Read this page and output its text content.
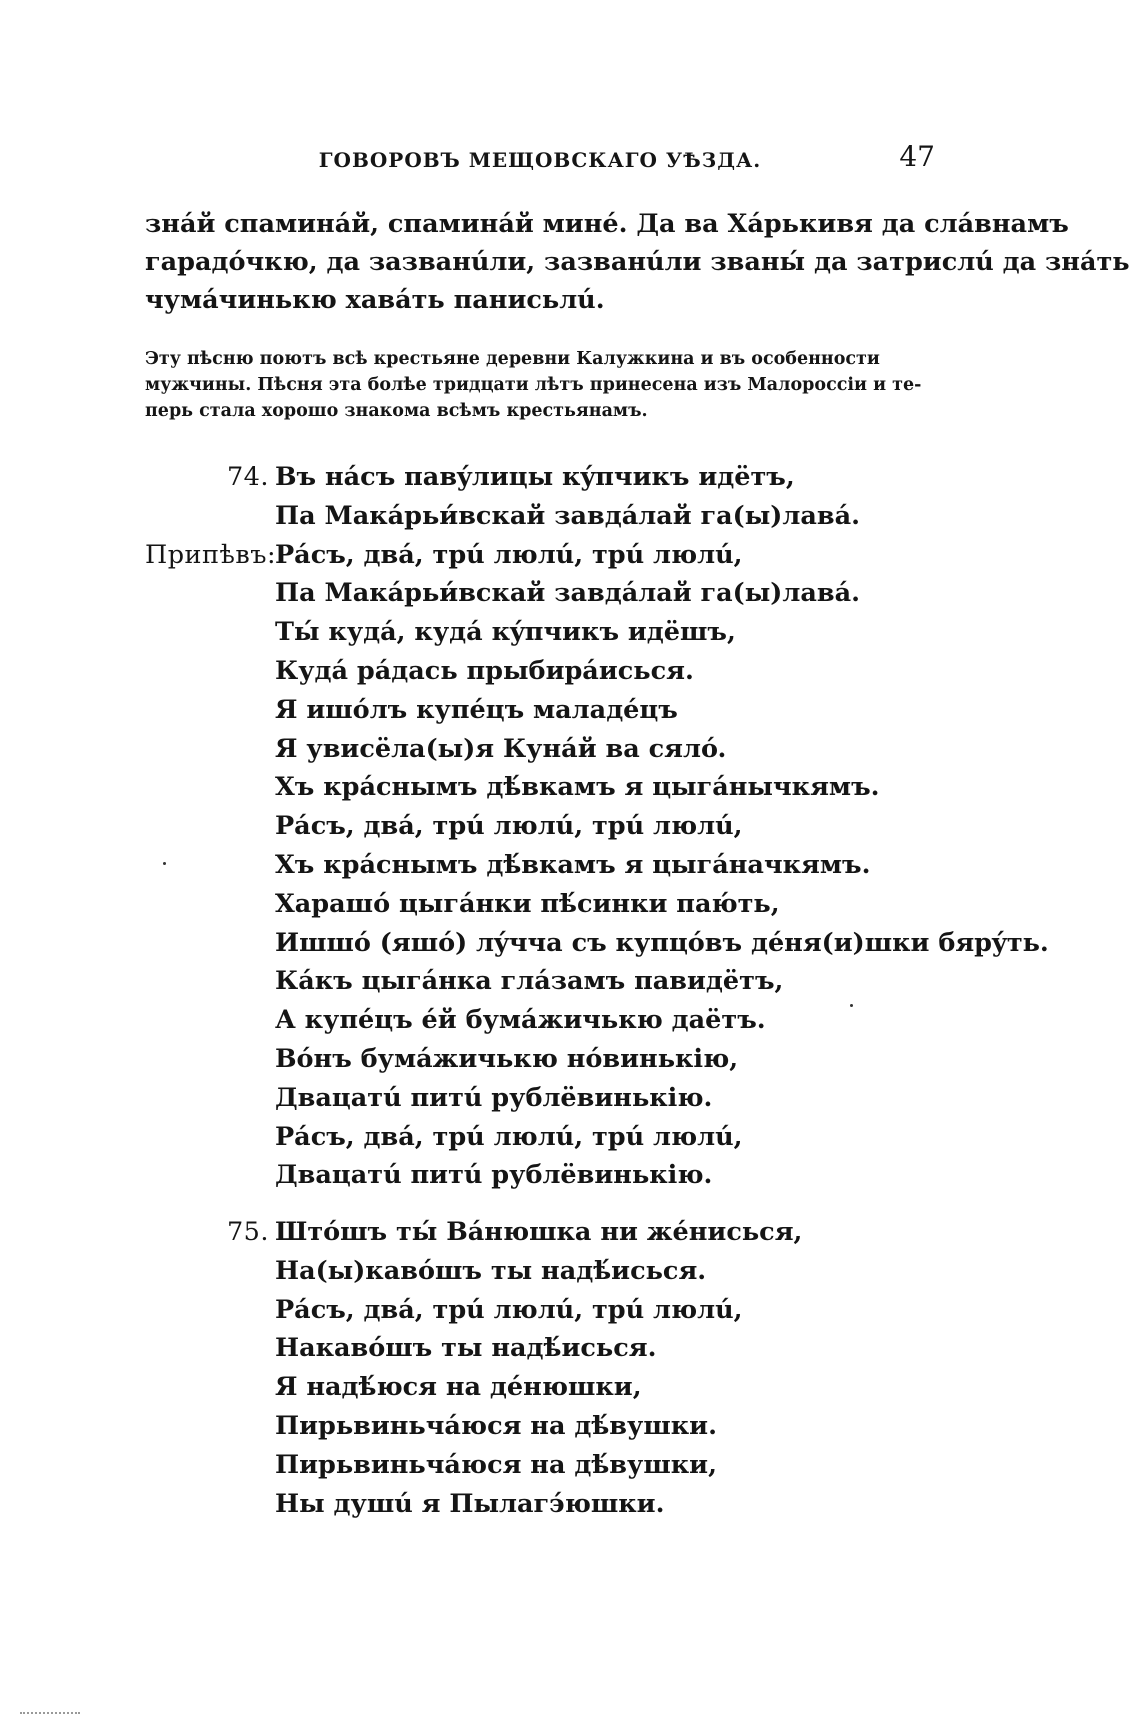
ГОВОРОВЪ МЕЩОВСКАГО УѢЗДА.	47
знáй спаминáй, спаминáй минé. Да ва Хáрькивя да слáвнамъ
гарадóчкю, да зазванúли, зазванúли званы́ да затрислú да знáть
чумáчинькю хавáть панисьлú.
Эту пѣсню поютъ всѣ крестьяне деревни Калужкина и въ особенности
мужчины. Пѣсня эта болѣе тридцати лѣтъ принесена изъ Малороссіи и те-
перь стала хорошо знакома всѣмъ крестьянамъ.
74. Въ нáсъ павýлицы кýпчикъ идётъ,
Па Макáрьи́вскай завдáлай га(ы)лавá.
Припѣвъ:
Рáсъ, двá, трú люлú, трú люлú,
Па Макáрьи́вскай завдáлай га(ы)лавá.
Ты́ кудá, кудá кýпчикъ идёшъ,
Кудá рáдась прыбирáисься.
Я ишóлъ купéцъ маладéцъ
Я увисёла(ы)я Кунáй ва сялó.
Хъ крáснымъ дѣ́вкамъ я цыгáнычкямъ.
Рáсъ, двá, трú люлú, трú люлú,
Хъ крáснымъ дѣ́вкамъ я цыгáначкямъ.
Харашó цыгáнки пѣ́синки паю́ть,
Ишшó (яшó) лýчча съ купцóвъ дéня(и)шки бярýть.
Кáкъ цыгáнка глáзамъ павидётъ,
А купéцъ éй бумáжичькю даётъ.
Вóнъ бумáжичькю нóвинькію,
Двацатú питú рублёвинькію.
Рáсъ, двá, трú люлú, трú люлú,
Двацатú питú рублёвинькію.
75. Штóшъ ты́ Вáнюшка ни жéнисься,
На(ы)кавóшъ ты надѣ́исься.
Рáсъ, двá, трú люлú, трú люлú,
Накавóшъ ты надѣ́исься.
Я надѣ́юся на дéнюшки,
Пирьвиньчáюся на дѣ́вушки.
Пирьвиньчáюся на дѣ́вушки,
Ны душú я Пылагэ́юшки.
